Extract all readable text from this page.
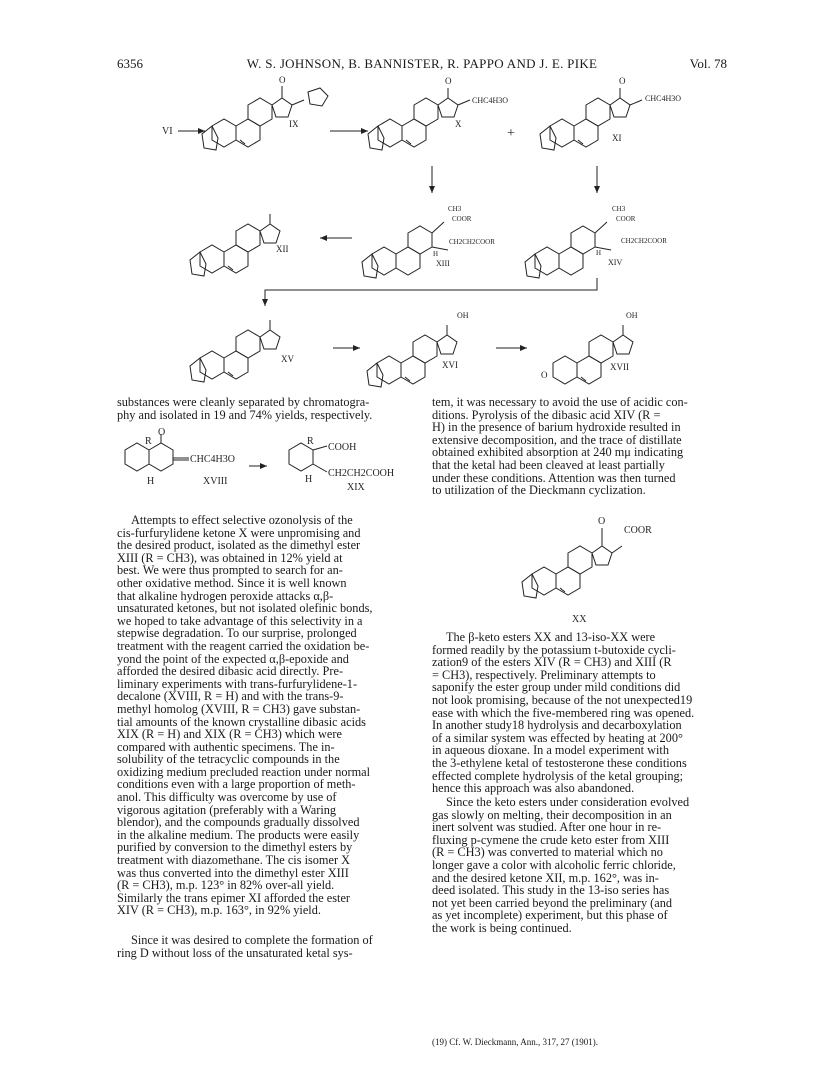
6356	W. S. JOHNSON, B. BANNISTER, R. PAPPO AND J. E. PIKE	Vol. 78
VI
IX
O	O
CHC4H3O
X
+
O
CHC4H3O
XI
XII
CH3
COOR
CH2CH2COOR
H
XIII
CH3
COOR
CH2CH2COOR
H
XIV
XV
OH
XVI
OH
O
XVII

substances were cleanly separated by chromatogra-
phy and isolated in 19 and 74% yields, respectively.

O
R
CHC4H3O
H	XVIII
R
COOH
CH2CH2COOH
H
XIX

Attempts to effect selective ozonolysis of the
cis-furfurylidene ketone X were unpromising and
the desired product, isolated as the dimethyl ester
XIII (R = CH3), was obtained in 12% yield at
best. We were thus prompted to search for an-
other oxidative method. Since it is well known
that alkaline hydrogen peroxide attacks α,β-
unsaturated ketones, but not isolated olefinic bonds,
we hoped to take advantage of this selectivity in a
stepwise degradation. To our surprise, prolonged
treatment with the reagent carried the oxidation be-
yond the point of the expected α,β-epoxide and
afforded the desired dibasic acid directly. Pre-
liminary experiments with trans-furfurylidene-1-
decalone (XVIII, R = H) and with the trans-9-
methyl homolog (XVIII, R = CH3) gave substan-
tial amounts of the known crystalline dibasic acids
XIX (R = H) and XIX (R = CH3) which were
compared with authentic specimens. The in-
solubility of the tetracyclic compounds in the
oxidizing medium precluded reaction under normal
conditions even with a large proportion of meth-
anol. This difficulty was overcome by use of
vigorous agitation (preferably with a Waring
blendor), and the compounds gradually dissolved
in the alkaline medium. The products were easily
purified by conversion to the dimethyl esters by
treatment with diazomethane. The cis isomer X
was thus converted into the dimethyl ester XIII
(R = CH3), m.p. 123° in 82% over-all yield.
Similarly the trans epimer XI afforded the ester
XIV (R = CH3), m.p. 163°, in 92% yield.

Since it was desired to complete the formation of
ring D without loss of the unsaturated ketal sys-

tem, it was necessary to avoid the use of acidic con-
ditions. Pyrolysis of the dibasic acid XIV (R =
H) in the presence of barium hydroxide resulted in
extensive decomposition, and the trace of distillate
obtained exhibited absorption at 240 mμ indicating
that the ketal had been cleaved at least partially
under these conditions. Attention was then turned
to utilization of the Dieckmann cyclization.

O
COOR
XX

The β-keto esters XX and 13-iso-XX were
formed readily by the potassium t-butoxide cycli-
zation9 of the esters XIV (R = CH3) and XIII (R
= CH3), respectively. Preliminary attempts to
saponify the ester group under mild conditions did
not look promising, because of the not unexpected19
ease with which the five-membered ring was opened.
In another study18 hydrolysis and decarboxylation
of a similar system was effected by heating at 200°
in aqueous dioxane. In a model experiment with
the 3-ethylene ketal of testosterone these conditions
effected complete hydrolysis of the ketal grouping;
hence this approach was also abandoned.

Since the keto esters under consideration evolved
gas slowly on melting, their decomposition in an
inert solvent was studied. After one hour in re-
fluxing p-cymene the crude keto ester from XIII
(R = CH3) was converted to material which no
longer gave a color with alcoholic ferric chloride,
and the desired ketone XII, m.p. 162°, was in-
deed isolated. This study in the 13-iso series has
not yet been carried beyond the preliminary (and
as yet incomplete) experiment, but this phase of
the work is being continued.

(19) Cf. W. Dieckmann, Ann., 317, 27 (1901).
